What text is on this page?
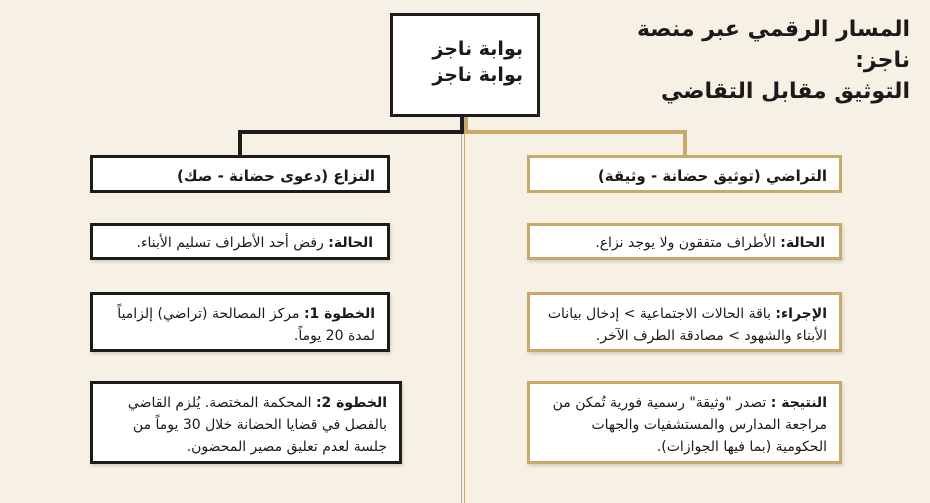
المسار الرقمي عبر منصة ناجز:
التوثيق مقابل التقاضي
بوابة ناجز
بوابة ناجز
النزاع (دعوى حضانة - صك)
الحالة: رفض أحد الأطراف تسليم الأبناء.
الخطوة 1: مركز المصالحة (تراضي) إلزامياً لمدة 20 يوماً.
الخطوة 2: المحكمة المختصة. يُلزم القاضي بالفصل في قضايا الحضانة خلال 30 يوماً من جلسة لعدم تعليق مصير المحضون.
التراضي (توثيق حضانة - وثيقة)
الحالة: الأطراف متفقون ولا يوجد نزاع.
الإجراء: باقة الحالات الاجتماعية > إدخال بيانات الأبناء والشهود > مصادقة الطرف الآخر.
النتيجة : تصدر "وثيقة" رسمية فورية تُمكن من مراجعة المدارس والمستشفيات والجهات الحكومية (بما فيها الجوازات).
